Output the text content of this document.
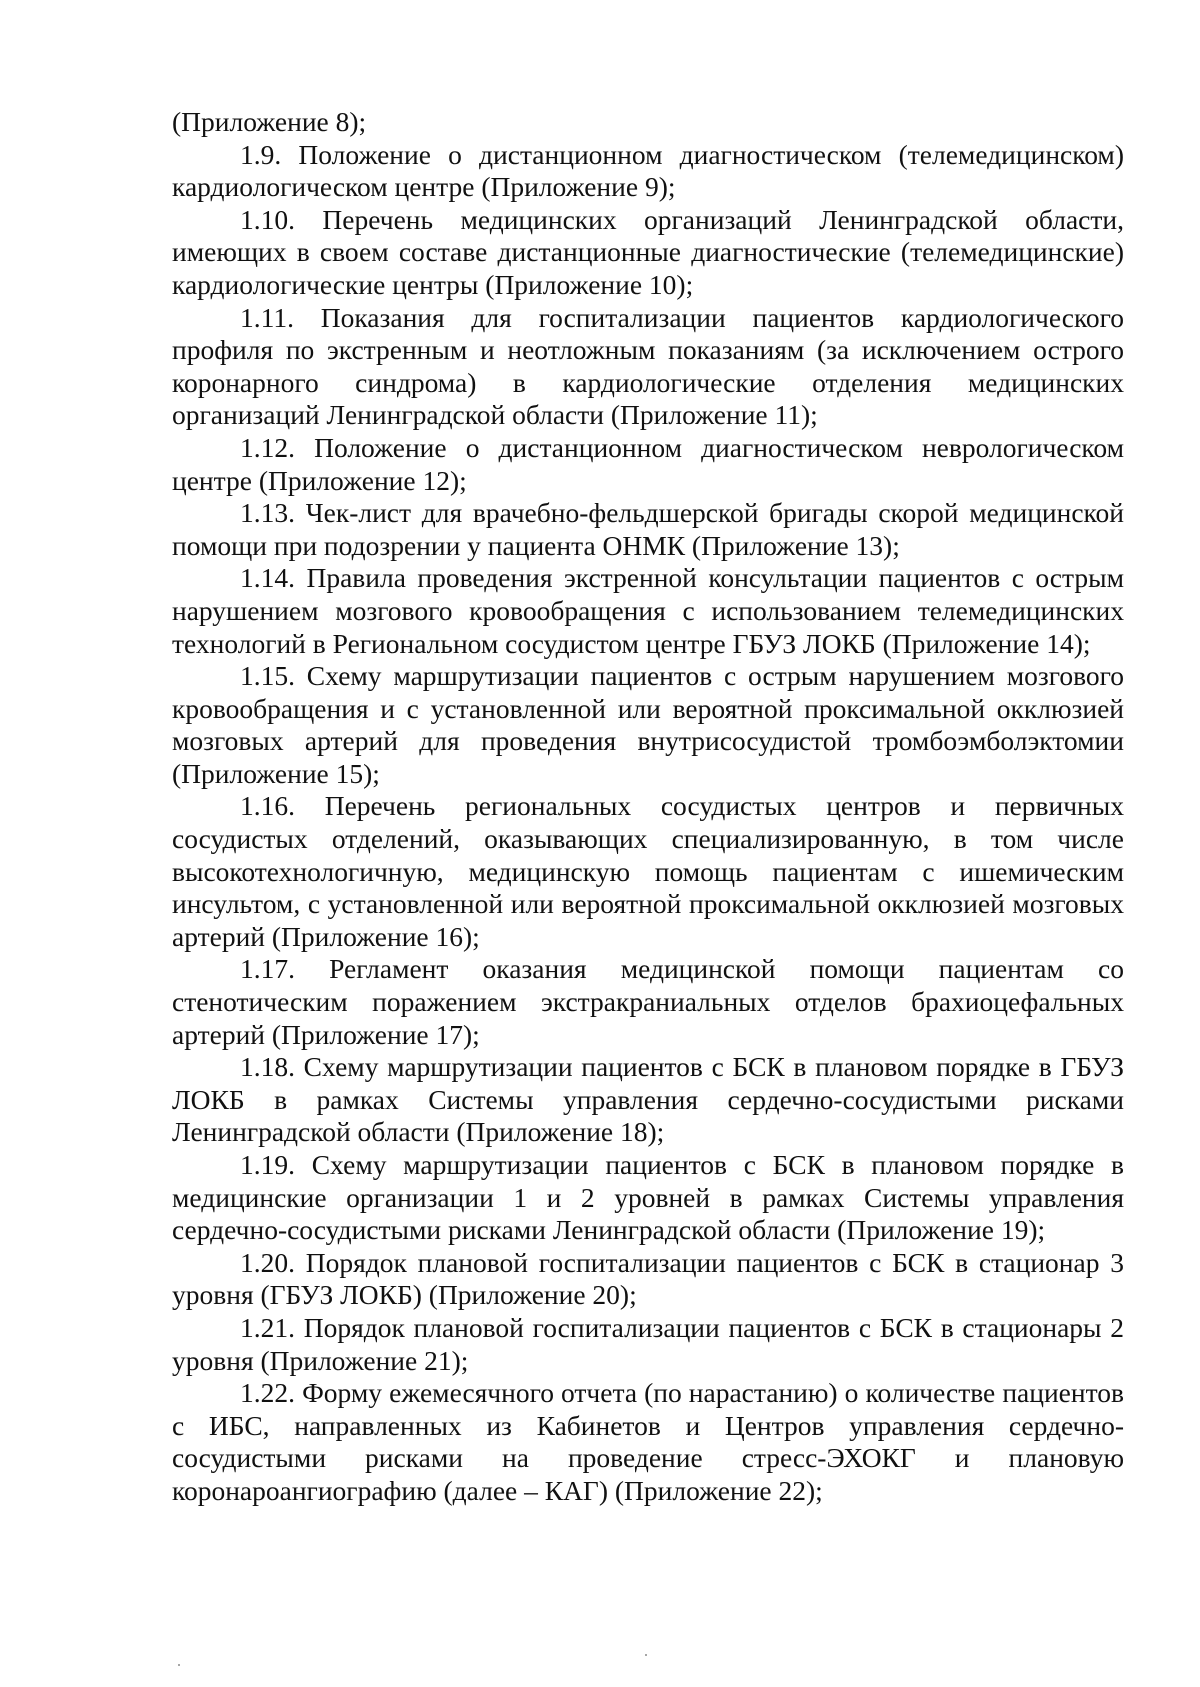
(Приложение 8);

1.9. Положение о дистанционном диагностическом (телемедицинском) кардиологическом центре (Приложение 9);

1.10. Перечень медицинских организаций Ленинградской области, имеющих в своем составе дистанционные диагностические (телемедицинские) кардиологические центры (Приложение 10);

1.11. Показания для госпитализации пациентов кардиологического профиля по экстренным и неотложным показаниям (за исключением острого коронарного синдрома) в кардиологические отделения медицинских организаций Ленинградской области (Приложение 11);

1.12. Положение о дистанционном диагностическом неврологическом центре (Приложение 12);

1.13. Чек-лист для врачебно-фельдшерской бригады скорой медицинской помощи при подозрении у пациента ОНМК (Приложение 13);

1.14. Правила проведения экстренной консультации пациентов с острым нарушением мозгового кровообращения с использованием телемедицинских технологий в Региональном сосудистом центре ГБУЗ ЛОКБ (Приложение 14);

1.15. Схему маршрутизации пациентов с острым нарушением мозгового кровообращения и с установленной или вероятной проксимальной окклюзией мозговых артерий для проведения внутрисосудистой тромбоэмболэктомии (Приложение 15);

1.16. Перечень региональных сосудистых центров и первичных сосудистых отделений, оказывающих специализированную, в том числе высокотехнологичную, медицинскую помощь пациентам с ишемическим инсультом, с установленной или вероятной проксимальной окклюзией мозговых артерий (Приложение 16);

1.17. Регламент оказания медицинской помощи пациентам со стенотическим поражением экстракраниальных отделов брахиоцефальных артерий (Приложение 17);

1.18. Схему маршрутизации пациентов с БСК в плановом порядке в ГБУЗ ЛОКБ в рамках Системы управления сердечно-сосудистыми рисками Ленинградской области (Приложение 18);

1.19. Схему маршрутизации пациентов с БСК в плановом порядке в медицинские организации 1 и 2 уровней в рамках Системы управления сердечно-сосудистыми рисками Ленинградской области (Приложение 19);

1.20. Порядок плановой госпитализации пациентов с БСК в стационар 3 уровня (ГБУЗ ЛОКБ) (Приложение 20);

1.21. Порядок плановой госпитализации пациентов с БСК в стационары 2 уровня (Приложение 21);

1.22. Форму ежемесячного отчета (по нарастанию) о количестве пациентов с ИБС, направленных из Кабинетов и Центров управления сердечно-сосудистыми рисками на проведение стресс-ЭХОКГ и плановую коронароангиографию (далее – КАГ) (Приложение 22);
